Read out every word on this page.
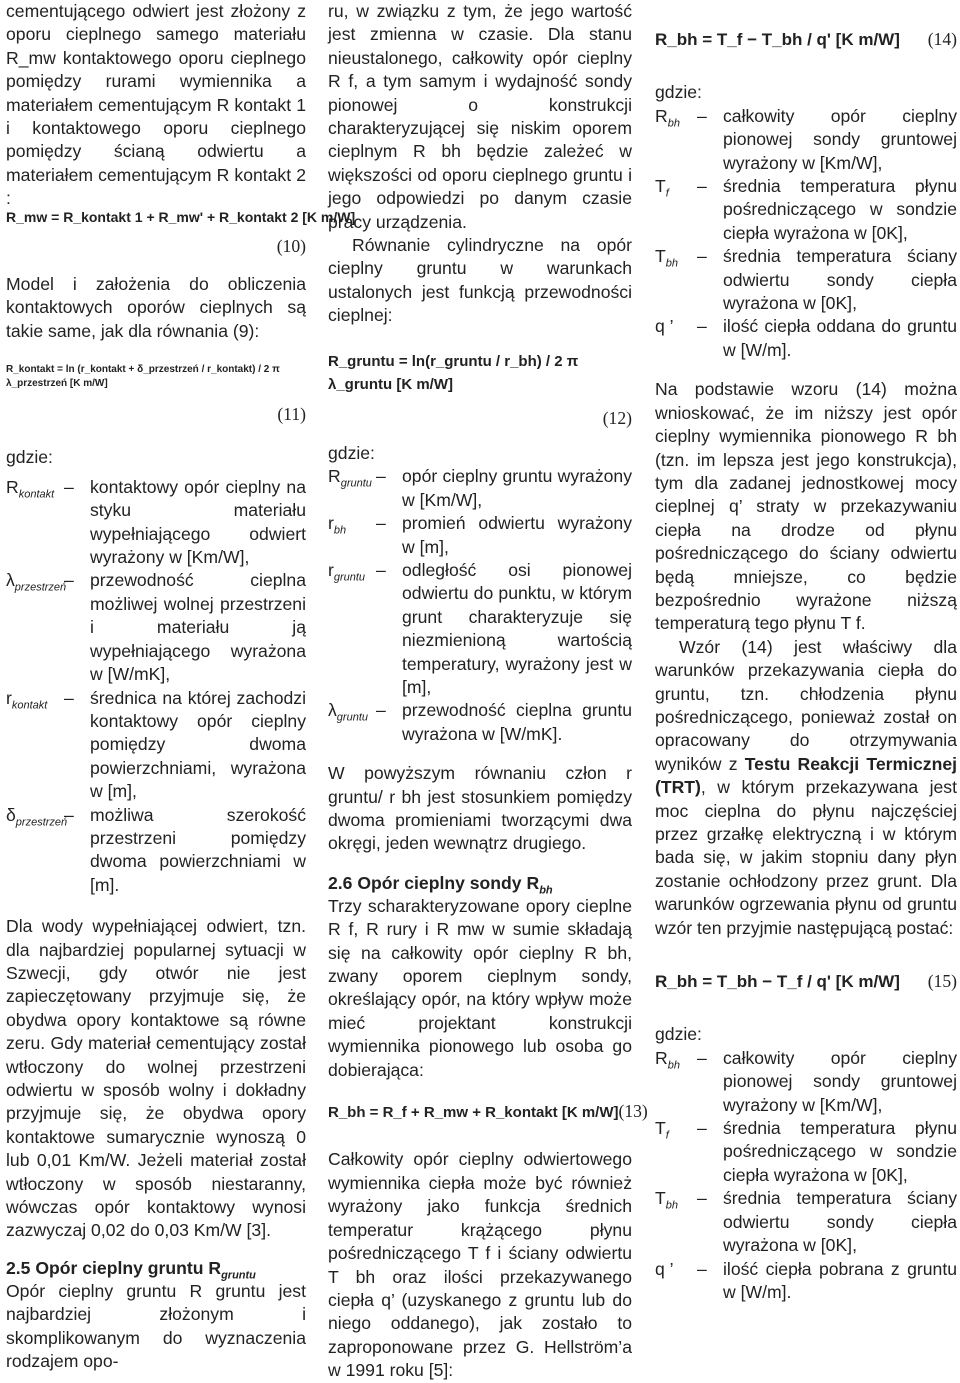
cementującego odwiert jest złożony z oporu cieplnego samego materiału R_mw kontaktowego oporu cieplnego pomiędzy rurami wymiennika a materiałem cementującym R kontakt 1 i kontaktowego oporu cieplnego pomiędzy ścianą odwiertu a materiałem cementującym R kontakt 2 :

R_mw = R_kontakt 1 + R_mw' + R_kontakt 2 [K m/W]
(10)

Model i założenia do obliczenia kontaktowych oporów cieplnych są takie same, jak dla równania (9):

R_kontakt = ln (r_kontakt + δ_przestrzeń / r_kontakt) / 2 π λ_przestrzeń [K m/W]
(11)

gdzie:

$R_{kontakt}$ – kontaktowy opór cieplny na styku materiału wypełniającego odwiert wyrażony w [Km/W],
$\lambda_{przestrzeń}$
– przewodność cieplna możliwej wolnej przestrzeni i materiału ją wypełniającego wyrażona w [W/mK],
$r_{kontakt}$ – średnica na której zachodzi kontaktowy opór cieplny pomiędzy dwoma powierzchniami, wyrażona w [m],
$\delta_{przestrzeń}$
– możliwa szerokość przestrzeni pomiędzy dwoma powierzchniami w [m].

Dla wody wypełniającej odwiert, tzn. dla najbardziej popularnej sytuacji w Szwecji, gdy otwór nie jest zapieczętowany przyjmuje się, że obydwa opory kontaktowe są równe zeru. Gdy materiał cementujący został wtłoczony do wolnej przestrzeni odwiertu w sposób wolny i dokładny przyjmuje się, że obydwa opory kontaktowe sumarycznie wynoszą 0 lub 0,01 Km/W. Jeżeli materiał został wtłoczony w sposób niestaranny, wówczas opór kontaktowy wynosi zazwyczaj 0,02 do 0,03 Km/W [3].

2.5 Opór cieplny gruntu $R_{gruntu}$

Opór cieplny gruntu R gruntu jest najbardziej złożonym i skomplikowanym do wyznaczenia rodzajem opo-

ru, w związku z tym, że jego wartość jest zmienna w czasie. Dla stanu nieustalonego, całkowity opór cieplny R f, a tym samym i wydajność sondy pionowej o konstrukcji charakteryzującej się niskim oporem cieplnym R bh będzie zależeć w większości od oporu cieplnego gruntu i jego odpowiedzi po danym czasie pracy urządzenia.

Równanie cylindryczne na opór cieplny gruntu w warunkach ustalonych jest funkcją przewodności cieplnej:

R_gruntu = ln(r_gruntu / r_bh) / 2 π λ_gruntu [K m/W]
(12)

gdzie:

$R_{gruntu}$ – opór cieplny gruntu wyrażony w [Km/W],
$r_{bh}$	– promień odwiertu wyrażony w [m],
$r_{gruntu}$ – odległość osi pionowej odwiertu do punktu, w którym grunt charakteryzuje się niezmienioną wartością temperatury, wyrażony jest w [m],
$\lambda_{gruntu}$ – przewodność cieplna gruntu wyrażona w [W/mK].

W powyższym równaniu człon r gruntu/ r bh jest stosunkiem pomiędzy dwoma promieniami tworzącymi dwa okręgi, jeden wewnątrz drugiego.

2.6 Opór cieplny sondy $R_{bh}$

Trzy scharakteryzowane opory cieplne R f, R rury i R mw w sumie składają się na całkowity opór cieplny R bh, zwany oporem cieplnym sondy, określający opór, na który wpływ może mieć projektant konstrukcji wymiennika pionowego lub osoba go dobierająca:

R_bh = R_f + R_mw + R_kontakt [K m/W] (13)

Całkowity opór cieplny odwiertowego wymiennika ciepła może być również wyrażony jako funkcja średnich temperatur krążącego płynu pośredniczącego T f i ściany odwiertu T bh oraz ilości przekazywanego ciepła q’ (uzyskanego z gruntu lub do niego oddanego), jak zostało to zaproponowane przez G. Hellström’a w 1991 roku [5]:

R_bh = T_f − T_bh / q' [K m/W] (14)

gdzie:

$R_{bh}$ – całkowity opór cieplny pionowej sondy gruntowej wyrażony w [Km/W],
$T_f$	– średnia temperatura płynu pośredniczącego w sondzie ciepła wyrażona w [0K],
$T_{bh}$	– średnia temperatura ściany odwiertu sondy ciepła wyrażona w [0K],
q ’	– ilość ciepła oddana do gruntu w [W/m].

Na podstawie wzoru (14) można wnioskować, że im niższy jest opór cieplny wymiennika pionowego R bh (tzn. im lepsza jest jego konstrukcja), tym dla zadanej jednostkowej mocy cieplnej q’ straty w przekazywaniu ciepła na drodze od płynu pośredniczącego do ściany odwiertu będą mniejsze, co będzie bezpośrednio wyrażone niższą temperaturą tego płynu T f.

Wzór (14) jest właściwy dla warunków przekazywania ciepła do gruntu, tzn. chłodzenia płynu pośredniczącego, ponieważ został on opracowany do otrzymywania wyników z Testu Reakcji Termicznej (TRT), w którym przekazywana jest moc cieplna do płynu najczęściej przez grzałkę elektryczną i w którym bada się, w jakim stopniu dany płyn zostanie ochłodzony przez grunt. Dla warunków ogrzewania płynu od gruntu wzór ten przyjmie następującą postać:

R_bh = T_bh − T_f / q' [K m/W] (15)

gdzie:

$R_{bh}$ – całkowity opór cieplny pionowej sondy gruntowej wyrażony w [Km/W],
$T_f$	– średnia temperatura płynu pośredniczącego w sondzie ciepła wyrażona w [0K],
$T_{bh}$	– średnia temperatura ściany odwiertu sondy ciepła wyrażona w [0K],
q ’	– ilość ciepła pobrana z gruntu w [W/m].
